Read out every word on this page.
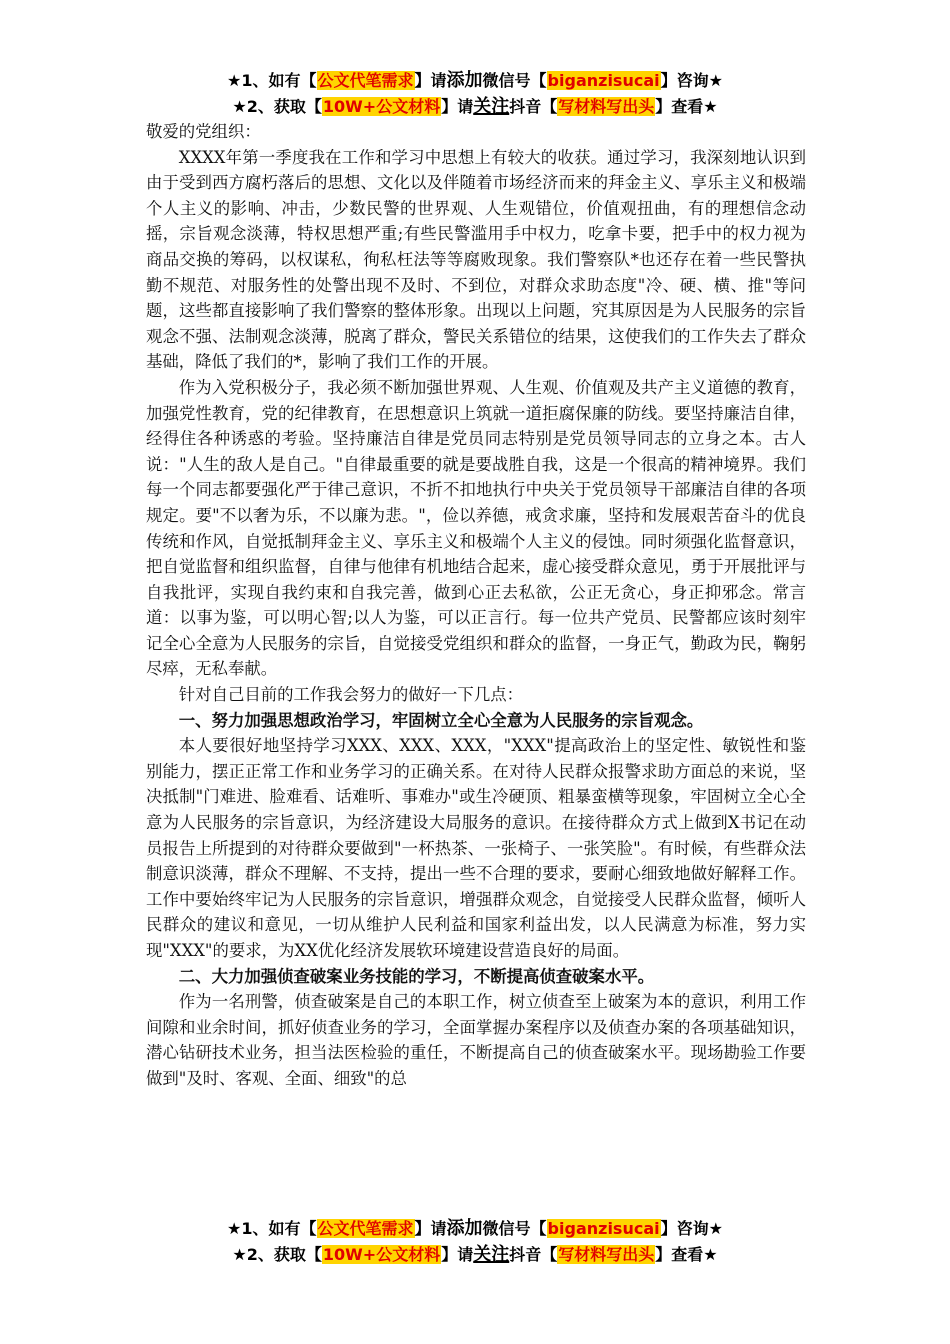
★1、如有【公文代笔需求】请添加微信号【biganzisucai】咨询★
★2、获取【10W+公文材料】请关注抖音【写材料写出头】查看★

敬爱的党组织：

XXXX年第一季度我在工作和学习中思想上有较大的收获。通过学习，我深刻地认识到由于受到西方腐朽落后的思想、文化以及伴随着市场经济而来的拜金主义、享乐主义和极端个人主义的影响、冲击，少数民警的世界观、人生观错位，价值观扭曲，有的理想信念动摇，宗旨观念淡薄，特权思想严重;有些民警滥用手中权力，吃拿卡要，把手中的权力视为商品交换的筹码，以权谋私，徇私枉法等等腐败现象。我们警察队*也还存在着一些民警执勤不规范、对服务性的处警出现不及时、不到位，对群众求助态度"冷、硬、横、推"等问题，这些都直接影响了我们警察的整体形象。出现以上问题，究其原因是为人民服务的宗旨观念不强、法制观念淡薄，脱离了群众，警民关系错位的结果，这使我们的工作失去了群众基础，降低了我们的*，影响了我们工作的开展。

作为入党积极分子，我必须不断加强世界观、人生观、价值观及共产主义道德的教育，加强党性教育，党的纪律教育，在思想意识上筑就一道拒腐保廉的防线。要坚持廉洁自律，经得住各种诱惑的考验。坚持廉洁自律是党员同志特别是党员领导同志的立身之本。古人说："人生的敌人是自己。"自律最重要的就是要战胜自我，这是一个很高的精神境界。我们每一个同志都要强化严于律己意识，不折不扣地执行中央关于党员领导干部廉洁自律的各项规定。要"不以奢为乐，不以廉为悲。"，俭以养德，戒贪求廉，坚持和发展艰苦奋斗的优良传统和作风，自觉抵制拜金主义、享乐主义和极端个人主义的侵蚀。同时须强化监督意识，把自觉监督和组织监督，自律与他律有机地结合起来，虚心接受群众意见，勇于开展批评与自我批评，实现自我约束和自我完善，做到心正去私欲，公正无贪心，身正抑邪念。常言道：以事为鉴，可以明心智;以人为鉴，可以正言行。每一位共产党员、民警都应该时刻牢记全心全意为人民服务的宗旨，自觉接受党组织和群众的监督，一身正气，勤政为民，鞠躬尽瘁，无私奉献。

针对自己目前的工作我会努力的做好一下几点：

一、努力加强思想政治学习，牢固树立全心全意为人民服务的宗旨观念。

本人要很好地坚持学习XXX、XXX、XXX，"XXX"提高政治上的坚定性、敏锐性和鉴别能力，摆正正常工作和业务学习的正确关系。在对待人民群众报警求助方面总的来说，坚决抵制"门难进、脸难看、话难听、事难办"或生冷硬顶、粗暴蛮横等现象，牢固树立全心全意为人民服务的宗旨意识，为经济建设大局服务的意识。在接待群众方式上做到X书记在动员报告上所提到的对待群众要做到"一杯热茶、一张椅子、一张笑脸"。有时候，有些群众法制意识淡薄，群众不理解、不支持，提出一些不合理的要求，要耐心细致地做好解释工作。工作中要始终牢记为人民服务的宗旨意识，增强群众观念，自觉接受人民群众监督，倾听人民群众的建议和意见，一切从维护人民利益和国家利益出发，以人民满意为标准，努力实现"XXX"的要求，为XX优化经济发展软环境建设营造良好的局面。

二、大力加强侦查破案业务技能的学习，不断提高侦查破案水平。

作为一名刑警，侦查破案是自己的本职工作，树立侦查至上破案为本的意识，利用工作间隙和业余时间，抓好侦查业务的学习，全面掌握办案程序以及侦查办案的各项基础知识，潜心钻研技术业务，担当法医检验的重任，不断提高自己的侦查破案水平。现场勘验工作要做到"及时、客观、全面、细致"的总

★1、如有【公文代笔需求】请添加微信号【biganzisucai】咨询★
★2、获取【10W+公文材料】请关注抖音【写材料写出头】查看★
